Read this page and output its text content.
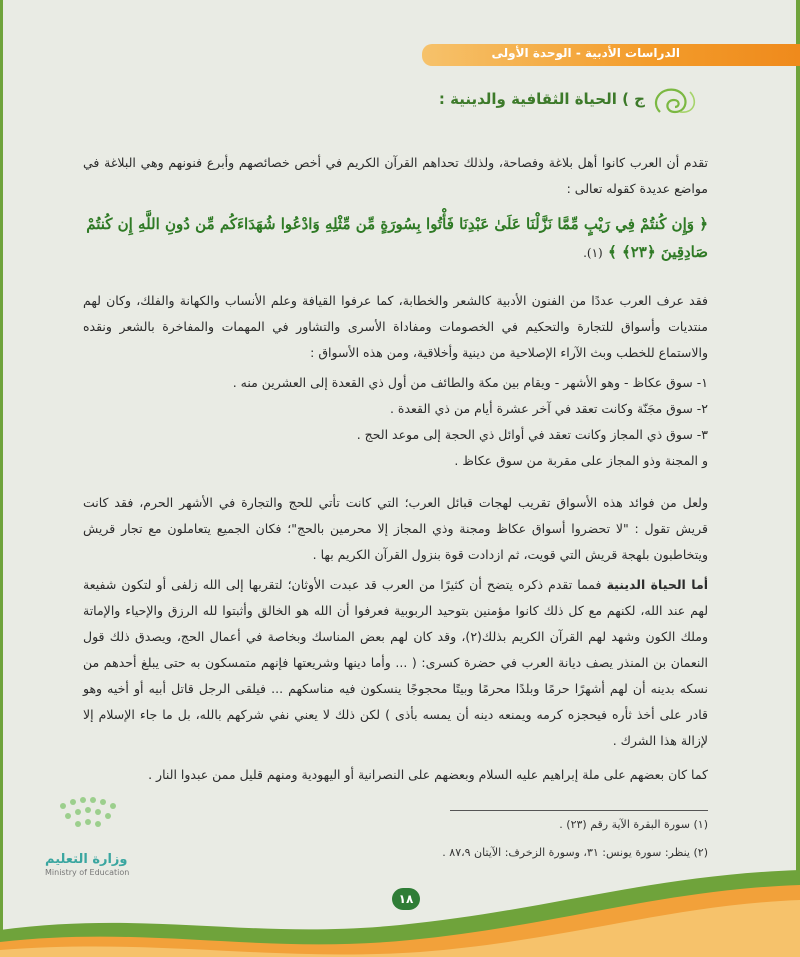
الدراسات الأدبية - الوحدة الأولى
ج ) الحياة الثقافية والدينية :
تقدم أن العرب كانوا أهل بلاغة وفصاحة، ولذلك تحداهم القرآن الكريم في أخص خصائصهم وأبرع فنونهم وهي البلاغة في مواضع عديدة كقوله تعالى :
﴿ وَإِن كُنتُمْ فِي رَيْبٍ مِّمَّا نَزَّلْنَا عَلَىٰ عَبْدِنَا فَأْتُوا بِسُورَةٍ مِّن مِّثْلِهِ وَادْعُوا شُهَدَاءَكُم مِّن دُونِ اللَّهِ إِن كُنتُمْ صَادِقِينَ ﴿٢٣﴾ ﴾ (١).
فقد عرف العرب عددًا من الفنون الأدبية كالشعر والخطابة، كما عرفوا القيافة وعلم الأنساب والكهانة والفلك، وكان لهم منتديات وأسواق للتجارة والتحكيم في الخصومات ومفاداة الأسرى والتشاور في المهمات والمفاخرة بالشعر ونقده والاستماع للخطب وبث الآراء الإصلاحية من دينية وأخلاقية، ومن هذه الأسواق :
١- سوق عكاظ - وهو الأشهر - ويقام بين مكة والطائف من أول ذي القعدة إلى العشرين منه .
٢- سوق مجَنّة وكانت تعقد في آخر عشرة أيام من ذي القعدة .
٣- سوق ذي المجاز وكانت تعقد في أوائل ذي الحجة إلى موعد الحج .
و المجنة وذو المجاز على مقربة من سوق عكاظ .
ولعل من فوائد هذه الأسواق تقريب لهجات قبائل العرب؛ التي كانت تأتي للحج والتجارة في الأشهر الحرم، فقد كانت قريش تقول : "لا تحضروا أسواق عكاظ ومجنة وذي المجاز إلا محرمين بالحج"؛ فكان الجميع يتعاملون مع تجار قريش ويتخاطبون بلهجة قريش التي قويت، ثم ازدادت قوة بنزول القرآن الكريم بها .
أما الحياة الدينية فمما تقدم ذكره يتضح أن كثيرًا من العرب قد عبدت الأوثان؛ لتقربها إلى الله زلفى أو لتكون شفيعة لهم عند الله، لكنهم مع كل ذلك كانوا مؤمنين بتوحيد الربوبية فعرفوا أن الله هو الخالق وأثبتوا لله الرزق والإحياء والإماتة وملك الكون وشهد لهم القرآن الكريم بذلك(٢)، وقد كان لهم بعض المناسك وبخاصة في أعمال الحج، ويصدق ذلك قول النعمان بن المنذر يصف ديانة العرب في حضرة كسرى: ( ... وأما دينها وشريعتها فإنهم متمسكون به حتى يبلغ أحدهم من نسكه بدينه أن لهم أشهرًا حرمًا وبلدًا محرمًا وبيتًا محجوجًا ينسكون فيه مناسكهم ... فيلقى الرجل قاتل أبيه أو أخيه وهو قادر على أخذ ثأره فيحجزه كرمه ويمنعه دينه أن يمسه بأذى ) لكن ذلك لا يعني نفي شركهم بالله، بل ما جاء الإسلام إلا لإزالة هذا الشرك .
كما كان بعضهم على ملة إبراهيم عليه السلام وبعضهم على النصرانية أو اليهودية ومنهم قليل ممن عبدوا النار .
(١) سورة البقرة الآية رقم (٢٣) .
(٢) ينظر: سورة يونس: ٣١، وسورة الزخرف: الآيتان ٨٧،٩ .
وزارة التعليم
Ministry of Education
١٨
